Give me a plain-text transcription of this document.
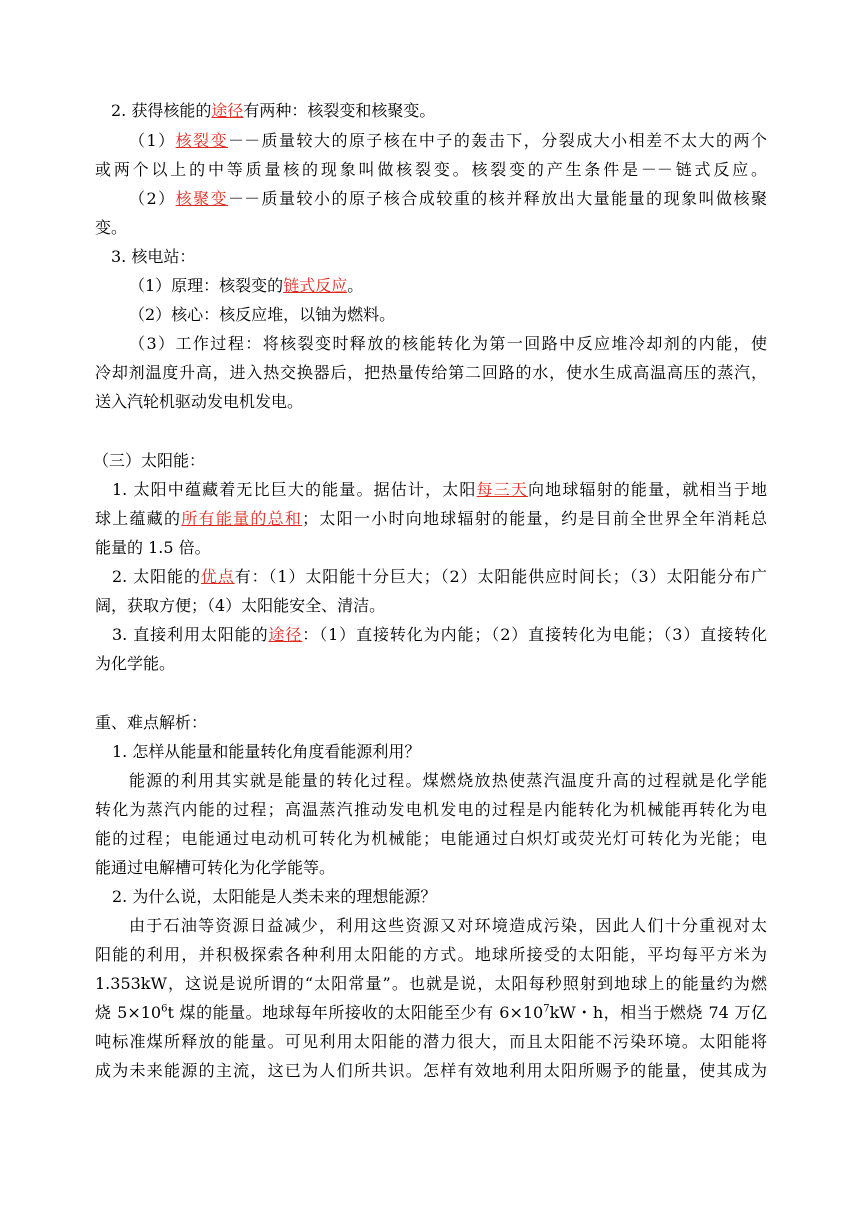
2. 获得核能的途径有两种：核裂变和核聚变。
（1）核裂变－－质量较大的原子核在中子的轰击下，分裂成大小相差不太大的两个
或两个以上的中等质量核的现象叫做核裂变。核裂变的产生条件是－－链式反应。
（2）核聚变－－质量较小的原子核合成较重的核并释放出大量能量的现象叫做核聚
变。
3. 核电站：
（1）原理：核裂变的链式反应。
（2）核心：核反应堆，以铀为燃料。
（3）工作过程：将核裂变时释放的核能转化为第一回路中反应堆冷却剂的内能，使
冷却剂温度升高，进入热交换器后，把热量传给第二回路的水，使水生成高温高压的蒸汽，
送入汽轮机驱动发电机发电。
（三）太阳能：
1. 太阳中蕴藏着无比巨大的能量。据估计，太阳每三天向地球辐射的能量，就相当于地
球上蕴藏的所有能量的总和；太阳一小时向地球辐射的能量，约是目前全世界全年消耗总
能量的 1.5 倍。
2. 太阳能的优点有：（1）太阳能十分巨大；（2）太阳能供应时间长；（3）太阳能分布广
阔，获取方便；（4）太阳能安全、清洁。
3. 直接利用太阳能的途径：（1）直接转化为内能；（2）直接转化为电能；（3）直接转化
为化学能。
重、难点解析：
1. 怎样从能量和能量转化角度看能源利用？
能源的利用其实就是能量的转化过程。煤燃烧放热使蒸汽温度升高的过程就是化学能
转化为蒸汽内能的过程；高温蒸汽推动发电机发电的过程是内能转化为机械能再转化为电
能的过程；电能通过电动机可转化为机械能；电能通过白炽灯或荧光灯可转化为光能；电
能通过电解槽可转化为化学能等。
2. 为什么说，太阳能是人类未来的理想能源？
由于石油等资源日益减少，利用这些资源又对环境造成污染，因此人们十分重视对太
阳能的利用，并积极探索各种利用太阳能的方式。地球所接受的太阳能，平均每平方米为
1.353kW，这说是说所谓的“太阳常量”。也就是说，太阳每秒照射到地球上的能量约为燃
烧 $5\times 10^6t$ 煤的能量。地球每年所接收的太阳能至少有 $6\times 10^7kW$・h，相当于燃烧 74 万亿
吨标准煤所释放的能量。可见利用太阳能的潜力很大，而且太阳能不污染环境。太阳能将
成为未来能源的主流，这已为人们所共识。怎样有效地利用太阳所赐予的能量，使其成为
